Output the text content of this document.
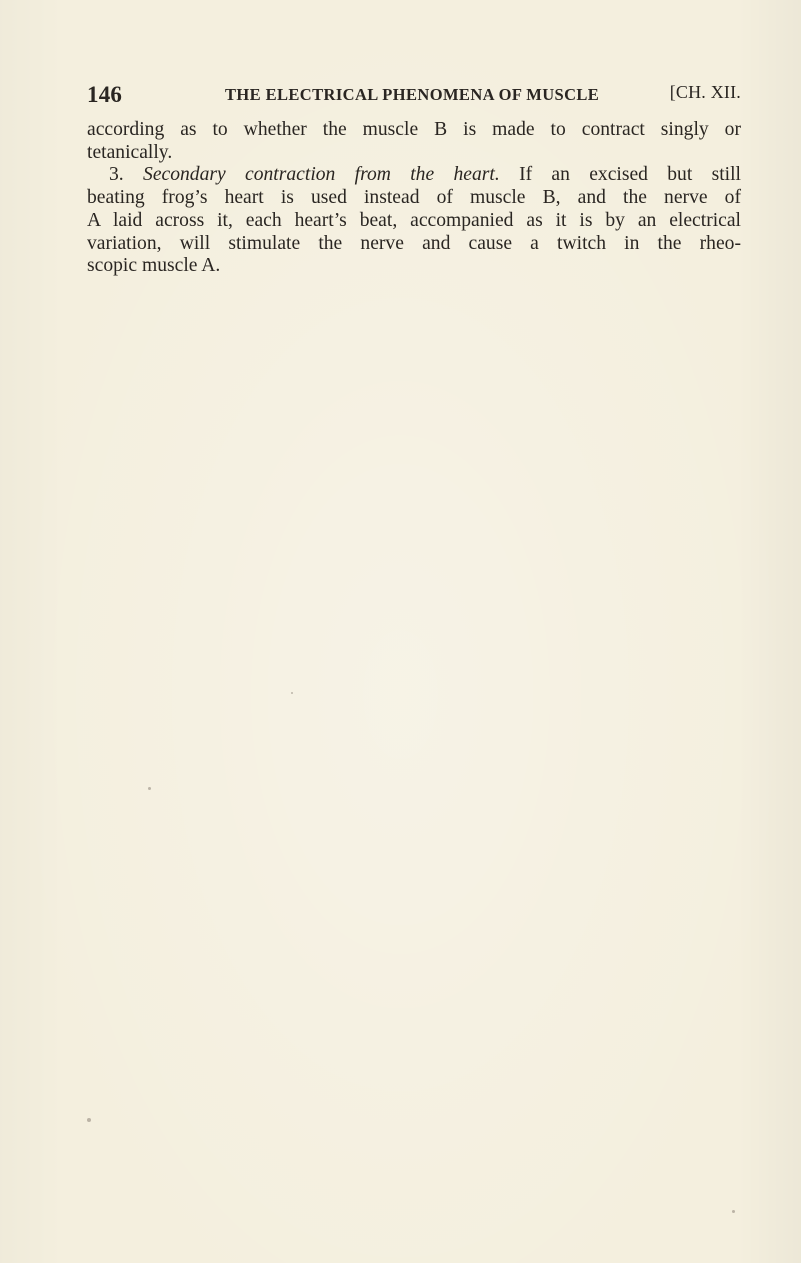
146	THE ELECTRICAL PHENOMENA OF MUSCLE	[CH. XII.
according as to whether the muscle B is made to contract singly or
tetanically.
3. Secondary contraction from the heart. If an excised but still
beating frog’s heart is used instead of muscle B, and the nerve of
A laid across it, each heart’s beat, accompanied as it is by an electrical
variation, will stimulate the nerve and cause a twitch in the rheo-
scopic muscle A.
